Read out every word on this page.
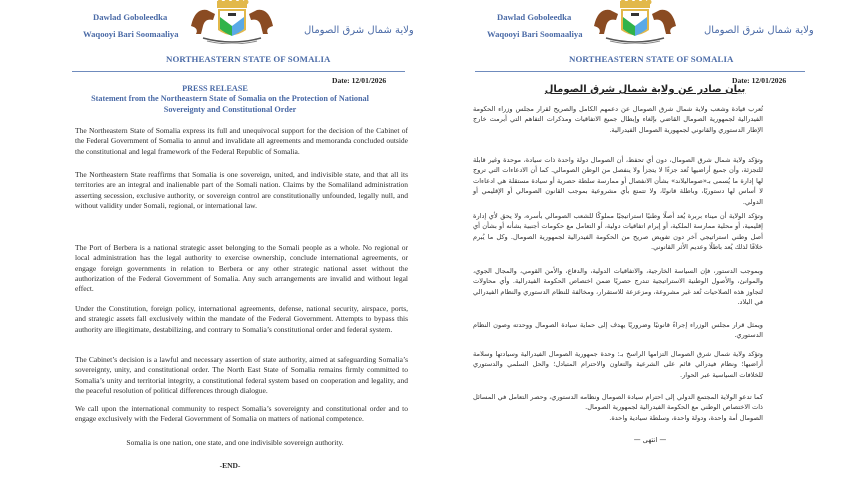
Dawlad Goboleedka
Waqooyi Bari Soomaaliya	ولاية شمال شرق الصومال
NORTHEASTERN STATE OF SOMALIA
Date: 12/01/2026
PRESS RELEASE
Statement from the Northeastern State of Somalia on the Protection of National Sovereignty and Constitutional Order
The Northeastern State of Somalia express its full and unequivocal support for the decision of the Cabinet of the Federal Government of Somalia to annul and invalidate all agreements and memoranda concluded outside the constitutional and legal framework of the Federal Republic of Somalia.
The Northeastern State reaffirms that Somalia is one sovereign, united, and indivisible state, and that all its territories are an integral and inalienable part of the Somali nation. Claims by the Somaliland administration asserting secession, exclusive authority, or sovereign control are constitutionally unfounded, legally null, and without validity under Somali, regional, or international law.
The Port of Berbera is a national strategic asset belonging to the Somali people as a whole. No regional or local administration has the legal authority to exercise ownership, conclude international agreements, or engage foreign governments in relation to Berbera or any other strategic national asset without the authorization of the Federal Government of Somalia. Any such arrangements are invalid and without legal effect.
Under the Constitution, foreign policy, international agreements, defense, national security, airspace, ports, and strategic assets fall exclusively within the mandate of the Federal Government. Attempts to bypass this authority are illegitimate, destabilizing, and contrary to Somalia’s constitutional order and federal system.
The Cabinet’s decision is a lawful and necessary assertion of state authority, aimed at safeguarding Somalia’s sovereignty, unity, and constitutional order. The North East State of Somalia remains firmly committed to Somalia’s unity and territorial integrity, a constitutional federal system based on cooperation and legality, and the peaceful resolution of political differences through dialogue.
We call upon the international community to respect Somalia’s sovereignty and constitutional order and to engage exclusively with the Federal Government of Somalia on matters of national competence.
Somalia is one nation, one state, and one indivisible sovereign authority.
-END-
Dawlad Goboleedka
Waqooyi Bari Soomaaliya	ولاية شمال شرق الصومال
NORTHEASTERN STATE OF SOMALIA
Date: 12/01/2026
بيان صادر عن ولاية شمال شرق الصومال
تُعرب قيادة وشعب ولاية شمال شرق الصومال عن دعمهم الكامل والصريح لقرار مجلس وزراء الحكومة الفيدرالية لجمهورية الصومال القاضي بإلغاء وإبطال جميع الاتفاقيات ومذكرات التفاهم التي أبرمت خارج الإطار الدستوري والقانوني لجمهورية الصومال الفيدرالية.
وتؤكد ولاية شمال شرق الصومال، دون أي تحفظ، أن الصومال دولة واحدة ذات سيادة، موحدة وغير قابلة للتجزئة، وأن جميع أراضيها تُعد جزءًا لا يتجزأ ولا ينفصل من الوطن الصومالي. كما أن الادعاءات التي تروج لها إدارة ما يُسمى بـ«صوماليلاند» بشأن الانفصال أو ممارسة سلطة حصرية أو سيادة مستقلة هي ادعاءات لا أساس لها دستوريًا، وباطلة قانونًا، ولا تتمتع بأي مشروعية بموجب القانون الصومالي أو الإقليمي أو الدولي.
وتؤكد الولاية أن ميناء بربرة يُعد أصلًا وطنيًا استراتيجيًا مملوكًا للشعب الصومالي بأسره، ولا يحق لأي إدارة إقليمية، أو محلية ممارسة الملكية، أو إبرام اتفاقيات دولية، أو التعامل مع حكومات أجنبية بشأنه أو بشأن أي أصل وطني استراتيجي آخر دون تفويض صريح من الحكومة الفيدرالية لجمهورية الصومال. وكل ما يُبرم خلافًا لذلك يُعد باطلًا وعديم الأثر القانوني.
وبموجب الدستور، فإن السياسة الخارجية، والاتفاقيات الدولية، والدفاع، والأمن القومي، والمجال الجوي، والموانئ، والأصول الوطنية الاستراتيجية تندرج حصريًا ضمن اختصاص الحكومة الفيدرالية. وأي محاولات لتجاوز هذه الصلاحيات تُعد غير مشروعة، ومزعزعة للاستقرار، ومخالفة للنظام الدستوري والنظام الفيدرالي في البلاد.
ويمثل قرار مجلس الوزراء إجراءً قانونيًا وضروريًا يهدف إلى حماية سيادة الصومال ووحدته وصون النظام الدستوري.
وتؤكد ولاية شمال شرق الصومال التزامها الراسخ بـ: وحدة جمهورية الصومال الفيدرالية وسيادتها وسلامة أراضيها؛ ونظام فيدرالي قائم على الشرعية والتعاون والاحترام المتبادل؛ والحل السلمي والدستوري للخلافات السياسية عبر الحوار.
كما تدعو الولاية المجتمع الدولي إلى احترام سيادة الصومال ونظامه الدستوري، وحصر التعامل في المسائل ذات الاختصاص الوطني مع الحكومة الفيدرالية لجمهورية الصومال.
الصومال أمة واحدة، ودولة واحدة، وسلطة سيادية واحدة.
— انتهى —
